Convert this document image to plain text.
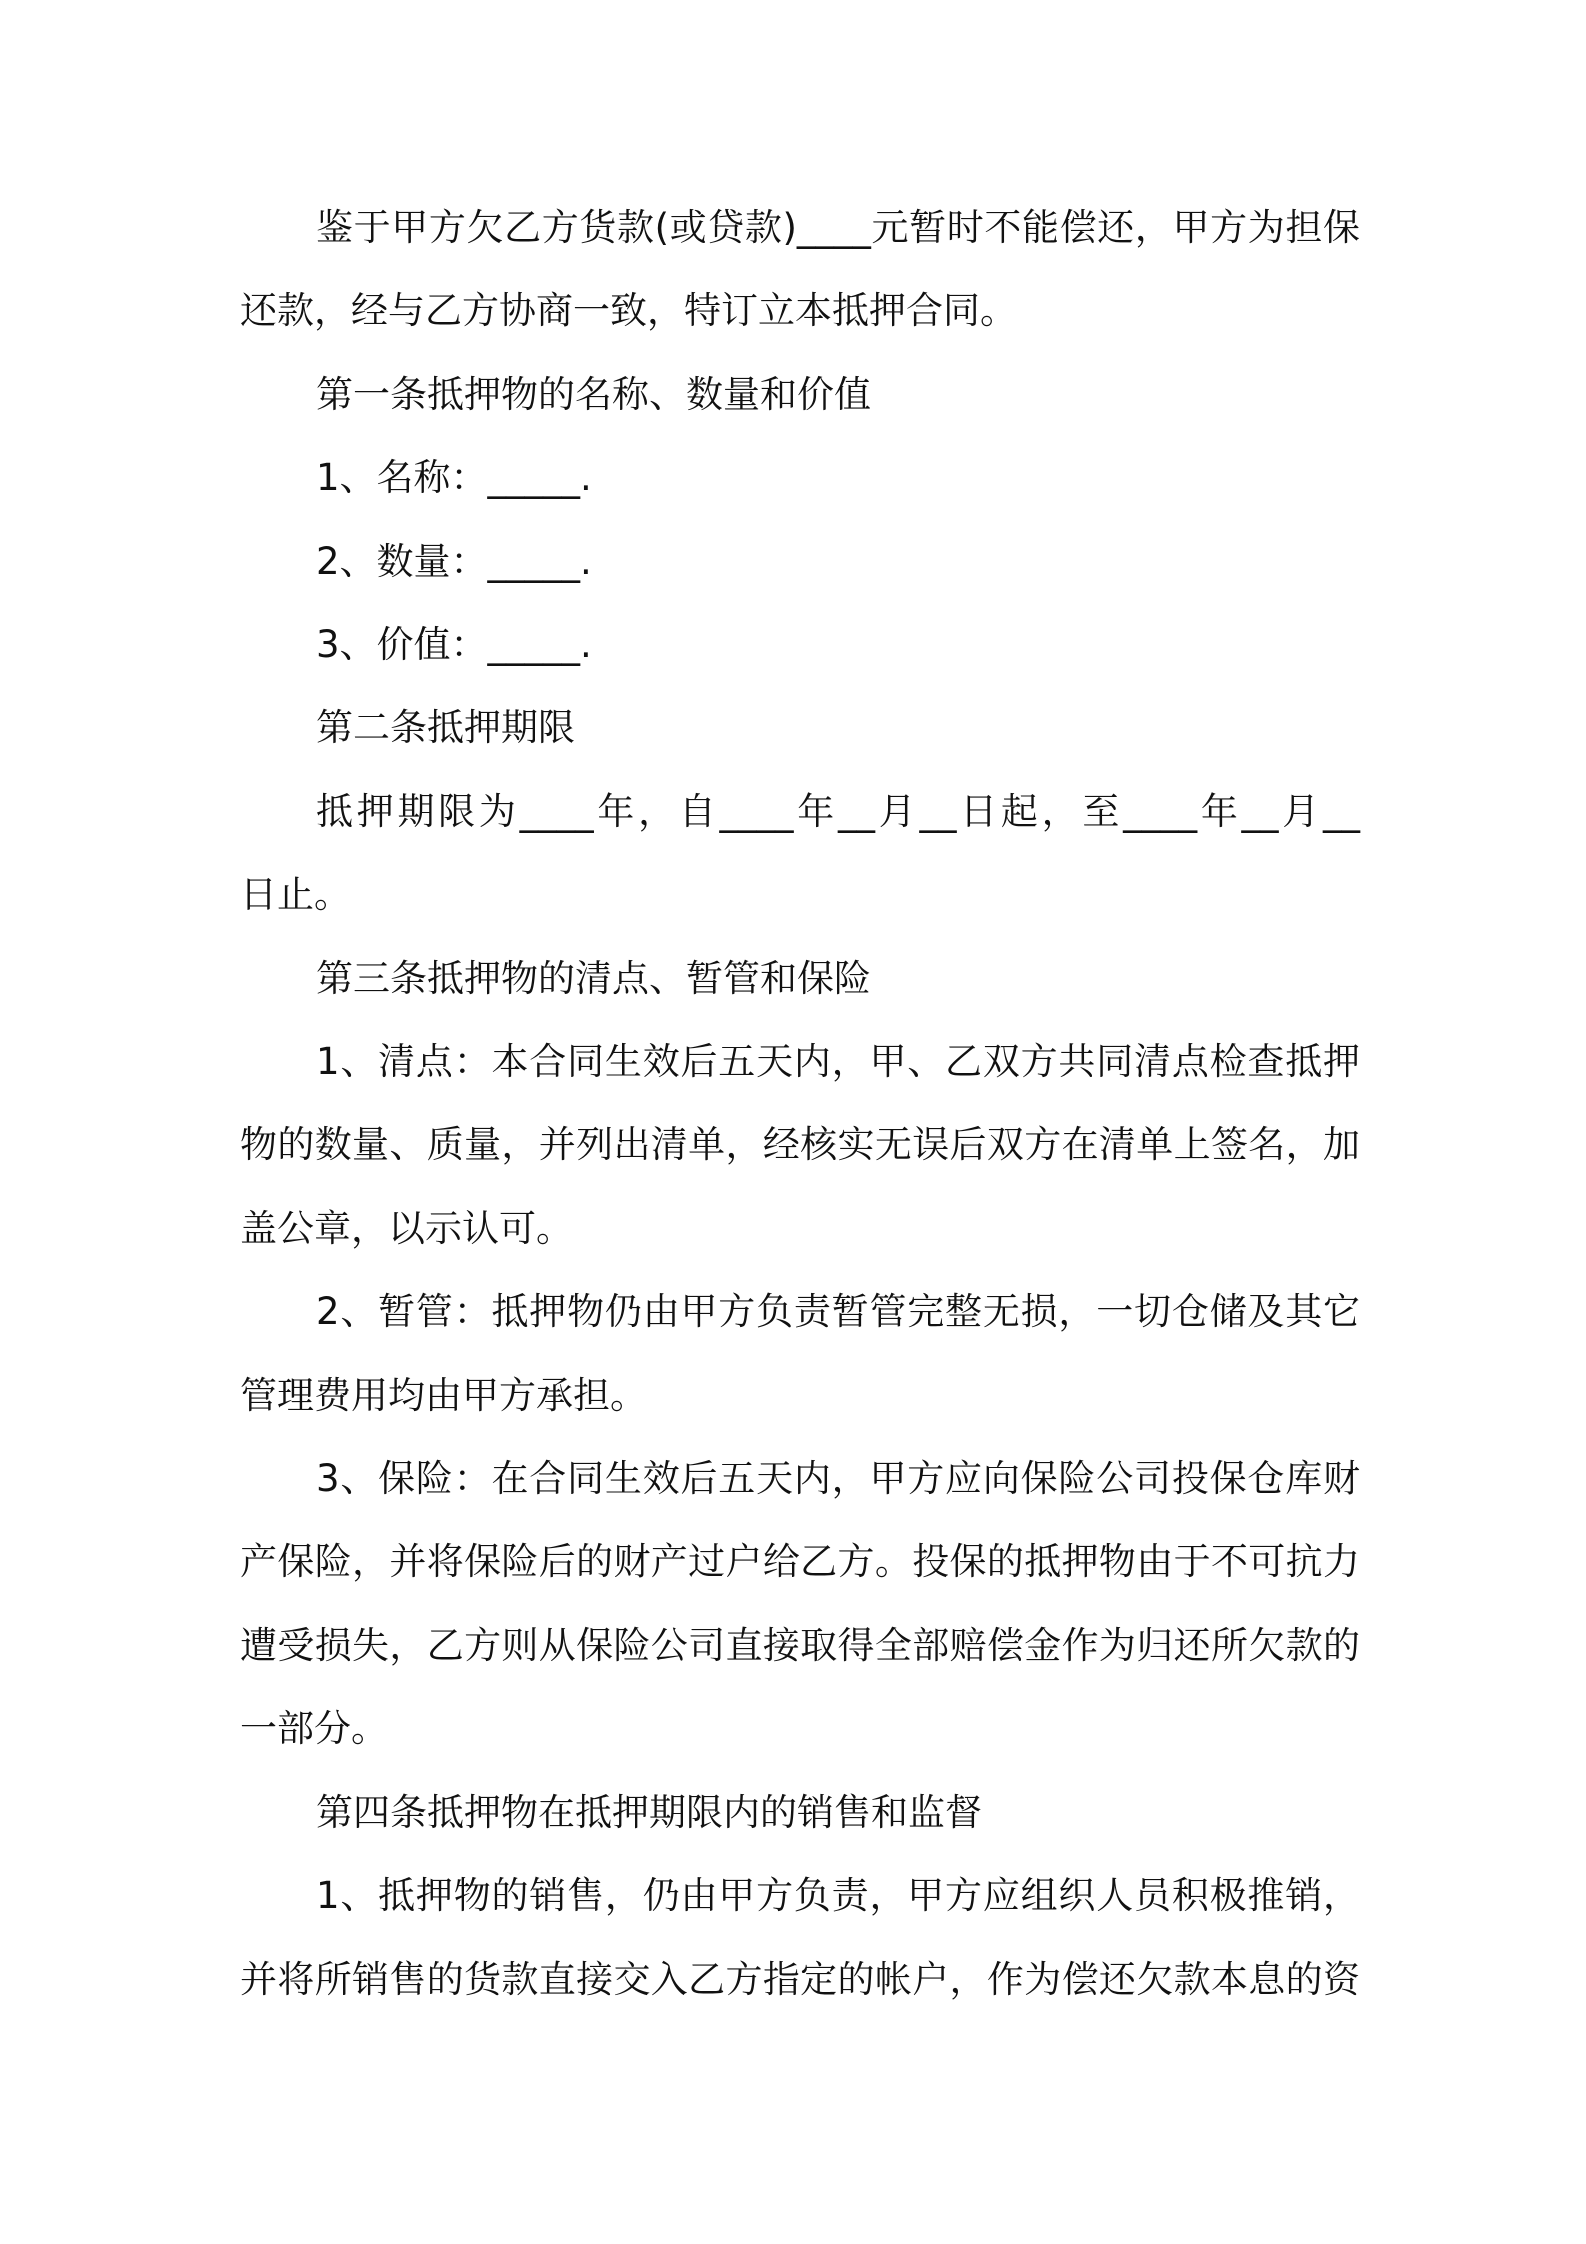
鉴于甲方欠乙方货款(或贷款)____元暂时不能偿还，甲方为担保
还款，经与乙方协商一致，特订立本抵押合同。
第一条抵押物的名称、数量和价值
1、名称：_____.
2、数量：_____.
3、价值：_____.
第二条抵押期限
抵押期限为____年，自____年__月__日起，至____年__月__
日止。
第三条抵押物的清点、暂管和保险
1、清点：本合同生效后五天内，甲、乙双方共同清点检查抵押
物的数量、质量，并列出清单，经核实无误后双方在清单上签名，加
盖公章，以示认可。
2、暂管：抵押物仍由甲方负责暂管完整无损，一切仓储及其它
管理费用均由甲方承担。
3、保险：在合同生效后五天内，甲方应向保险公司投保仓库财
产保险，并将保险后的财产过户给乙方。投保的抵押物由于不可抗力
遭受损失，乙方则从保险公司直接取得全部赔偿金作为归还所欠款的
一部分。
第四条抵押物在抵押期限内的销售和监督
1、抵押物的销售，仍由甲方负责，甲方应组织人员积极推销，
并将所销售的货款直接交入乙方指定的帐户，作为偿还欠款本息的资
